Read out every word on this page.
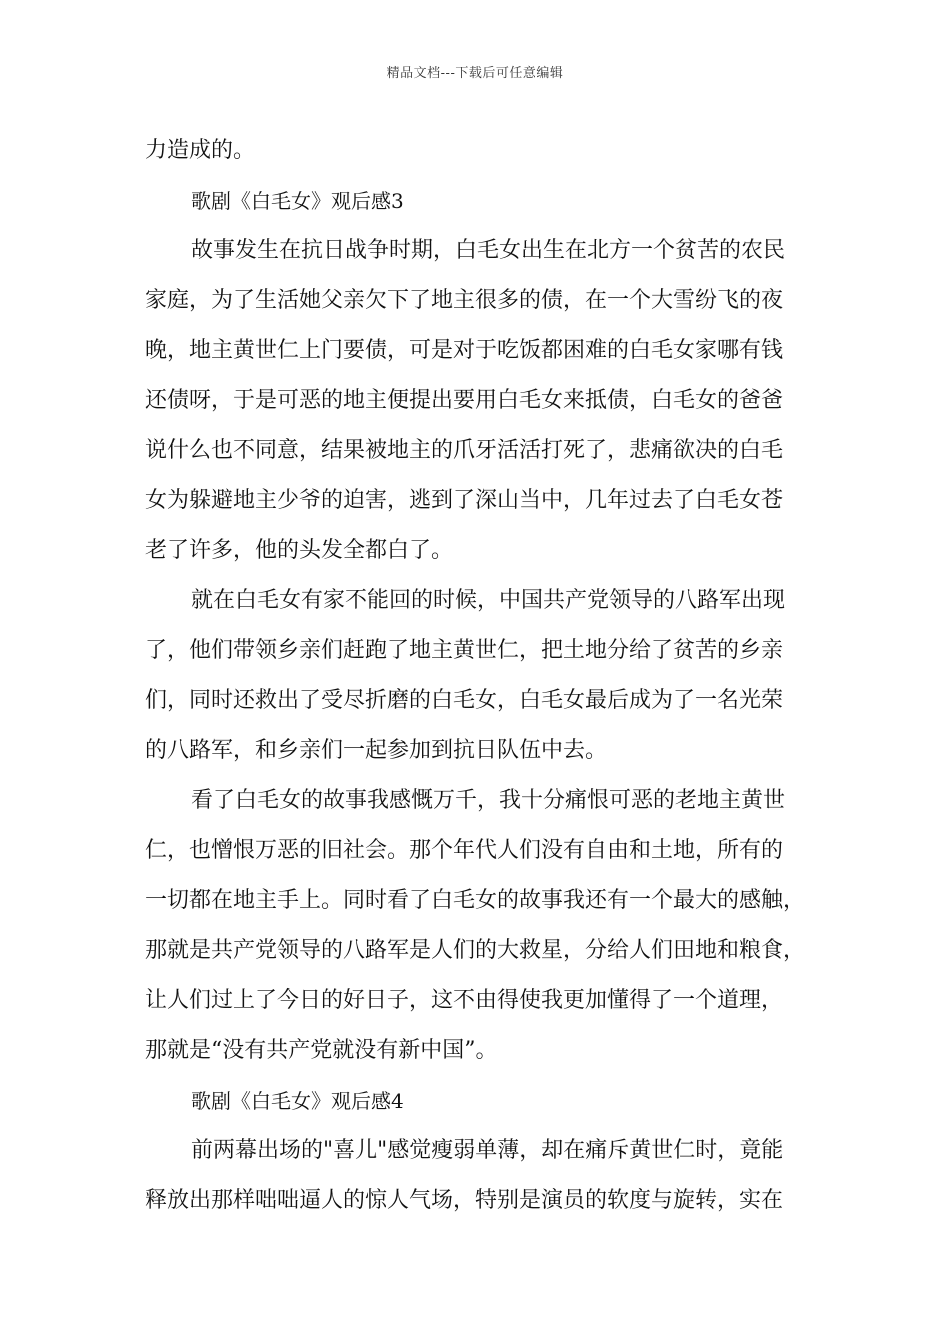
精品文档---下载后可任意编辑
力造成的。
歌剧《白毛女》观后感3
故事发生在抗日战争时期，白毛女出生在北方一个贫苦的农民
家庭，为了生活她父亲欠下了地主很多的债，在一个大雪纷飞的夜
晚，地主黄世仁上门要债，可是对于吃饭都困难的白毛女家哪有钱
还债呀，于是可恶的地主便提出要用白毛女来抵债，白毛女的爸爸
说什么也不同意，结果被地主的爪牙活活打死了，悲痛欲决的白毛
女为躲避地主少爷的迫害，逃到了深山当中，几年过去了白毛女苍
老了许多，他的头发全都白了。
就在白毛女有家不能回的时候，中国共产党领导的八路军出现
了，他们带领乡亲们赶跑了地主黄世仁，把土地分给了贫苦的乡亲
们，同时还救出了受尽折磨的白毛女，白毛女最后成为了一名光荣
的八路军，和乡亲们一起参加到抗日队伍中去。
看了白毛女的故事我感慨万千，我十分痛恨可恶的老地主黄世
仁，也憎恨万恶的旧社会。那个年代人们没有自由和土地，所有的
一切都在地主手上。同时看了白毛女的故事我还有一个最大的感触，
那就是共产党领导的八路军是人们的大救星，分给人们田地和粮食，
让人们过上了今日的好日子，这不由得使我更加懂得了一个道理，
那就是“没有共产党就没有新中国”。
歌剧《白毛女》观后感4
前两幕出场的"喜儿"感觉瘦弱单薄，却在痛斥黄世仁时，竟能
释放出那样咄咄逼人的惊人气场，特别是演员的软度与旋转，实在
